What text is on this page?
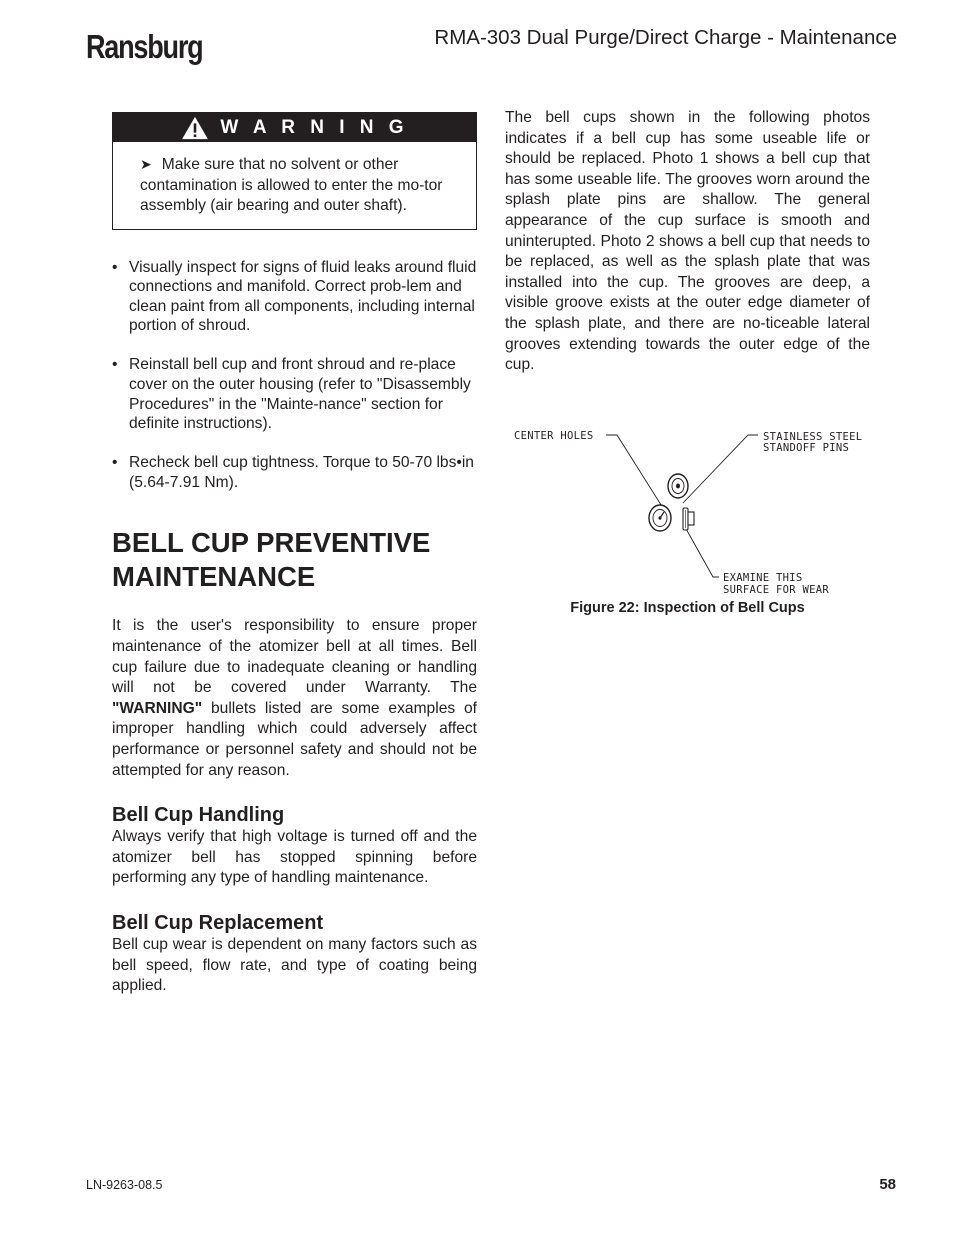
Ransburg	RMA-303 Dual Purge/Direct Charge - Maintenance
W A R N I N G
➤ Make sure that no solvent or other contamination is allowed to enter the mo-tor assembly (air bearing and outer shaft).
• Visually inspect for signs of fluid leaks around fluid connections and manifold. Correct prob-lem and clean paint from all components, including internal portion of shroud.
• Reinstall bell cup and front shroud and re-place cover on the outer housing (refer to "Disassembly Procedures" in the "Mainte-nance" section for definite instructions).
• Recheck bell cup tightness. Torque to 50-70 lbs•in (5.64-7.91 Nm).
BELL CUP PREVENTIVE
MAINTENANCE

It is the user's responsibility to ensure proper maintenance of the atomizer bell at all times. Bell cup failure due to inadequate cleaning or handling will not be covered under Warranty. The "WARNING" bullets listed are some examples of improper handling which could adversely affect performance or personnel safety and should not be attempted for any reason.

Bell Cup Handling

Always verify that high voltage is turned off and the atomizer bell has stopped spinning before performing any type of handling maintenance.

Bell Cup Replacement

Bell cup wear is dependent on many factors such as bell speed, flow rate, and type of coating being applied.

The bell cups shown in the following photos indicates if a bell cup has some useable life or should be replaced. Photo 1 shows a bell cup that has some useable life. The grooves worn around the splash plate pins are shallow. The general appearance of the cup surface is smooth and uninterupted. Photo 2 shows a bell cup that needs to be replaced, as well as the splash plate that was installed into the cup. The grooves are deep, a visible groove exists at the outer edge diameter of the splash plate, and there are no-ticeable lateral grooves extending towards the outer edge of the cup.

CENTER HOLES	STAINLESS STEEL
STANDOFF PINS
EXAMINE THIS
SURFACE FOR WEAR
Figure 22: Inspection of Bell Cups
LN-9263-08.5	58
